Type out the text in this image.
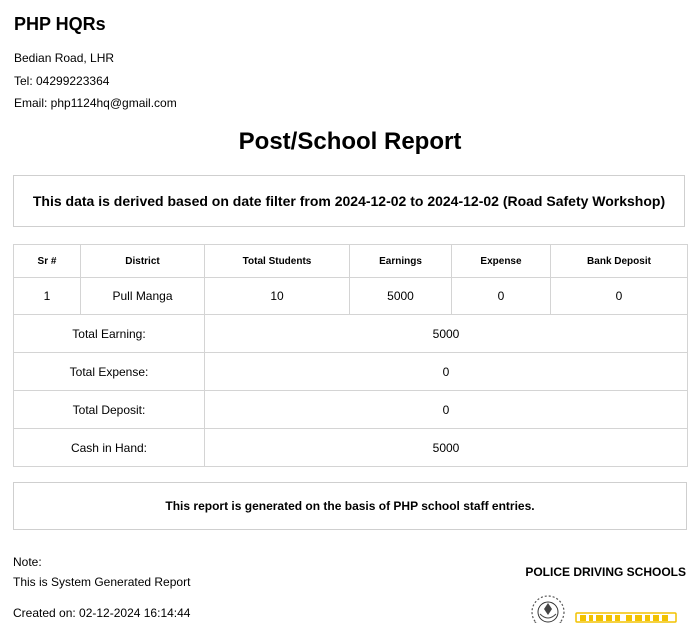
PHP HQRs
Bedian Road, LHR
Tel: 04299223364
Email: php1124hq@gmail.com
Post/School Report
This data is derived based on date filter from 2024-12-02 to 2024-12-02 (Road Safety Workshop)
Sr #	District	Total Students	Earnings	Expense	Bank Deposit
1	Pull Manga	10	5000	0	0
Total Earning:		5000			
Total Expense:		0			
Total Deposit:		0			
Cash in Hand:		5000			
This report is generated on the basis of PHP school staff entries.
Note:
This is System Generated Report
Created on: 02-12-2024 16:14:44
POLICE DRIVING SCHOOLS
